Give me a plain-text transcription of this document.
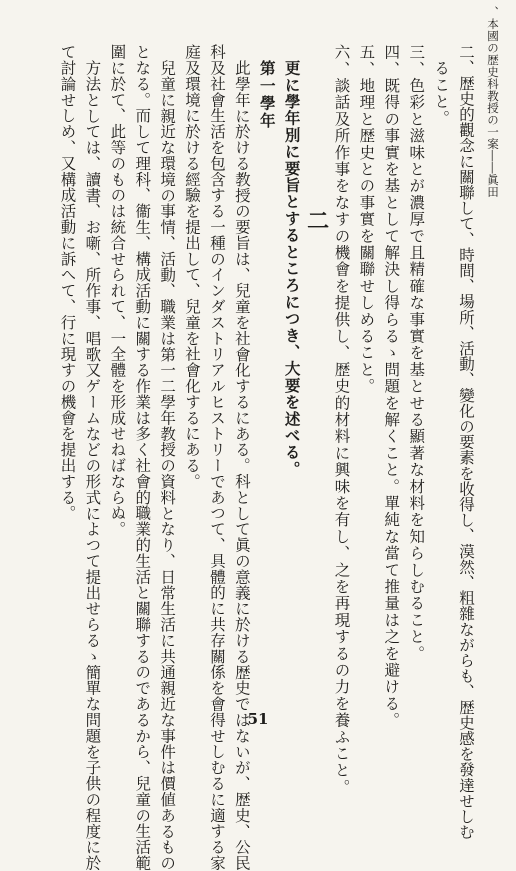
、本國の歴史科教授の一案――眞田
二、歴史的觀念に關聯して、時間、場所、活動、變化の要素を收得し、漠然、粗雜ながらも、歴史感を發達せしむ
ること。
三、色彩と滋味とが濃厚で且精確な事實を基とせる顯著な材料を知らしむること。
四、既得の事實を基として解決し得らるゝ問題を解くこと。單純な當て推量は之を避ける。
五、地理と歴史との事實を關聯せしめること。
六、談話及所作事をなすの機會を提供し、歴史的材料に興味を有し、之を再現するの力を養ふこと。
二
更に學年別に要旨とするところにつき、大要を述べる。
第一學年
此學年に於ける教授の要旨は、兒童を社會化するにある。科として眞の意義に於ける歴史ではないが、歴史、公民
科及社會生活を包含する一種のインダストリアルヒストリーであつて、具體的に共存關係を會得せしむるに適する家
庭及環境に於ける經驗を提出して、兒童を社會化するにある。
兒童に親近な環境の事情、活動、職業は第一二學年教授の資料となり、日常生活に共通親近な事件は價値あるもの
となる。而して理科、衞生、構成活動に關する作業は多く社會的職業的生活と關聯するのであるから、兒童の生活範
圍に於て、此等のものは統合せられて、一全體を形成せねばならぬ。
方法としては、讀書、お噺、所作事、唱歌又ゲームなどの形式によつて提出せらるゝ簡單な問題を子供の程度に於
て討論せしめ、又構成活動に訴へて、行に現すの機會を提出する。
51
